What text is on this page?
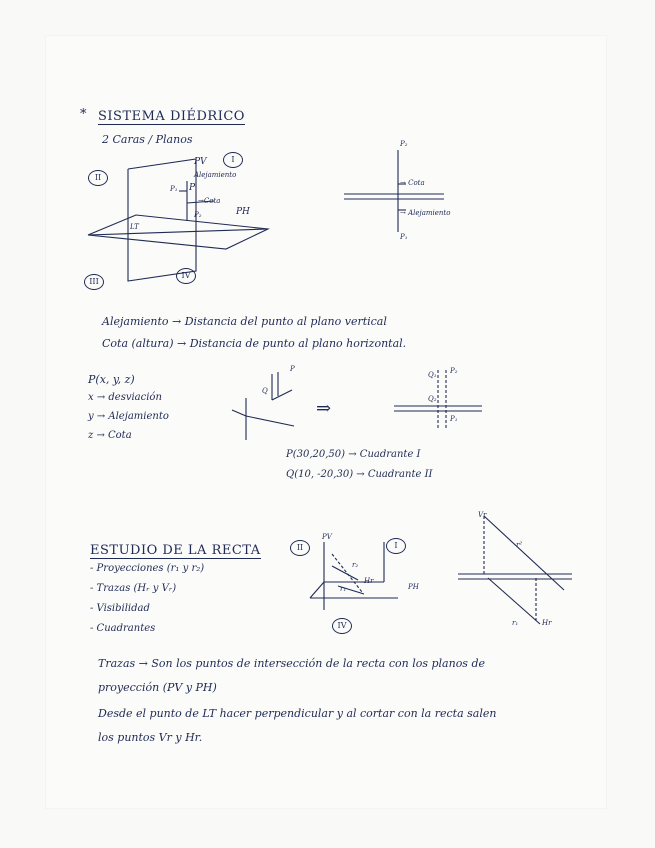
* SISTEMA DIÉDRICO
2 Caras / Planos
PV
Alejamiento
P
P₁
→Cota
PH
P₂
LT
I
II
III
IV
P₂
→ Cota
→ Alejamiento
P₁
Alejamiento → Distancia del punto al plano vertical
Cota (altura) → Distancia de punto al plano horizontal.
P(x, y, z)
x → desviación
y → Alejamiento
z → Cota
P
Q
⇒
Q₁ P₂
Q₂
P₁
P(30,20,50) → Cuadrante I
Q(10, -20,30) → Cuadrante II
ESTUDIO DE LA RECTA
- Proyecciones (r₁ y r₂)
- Trazas (Hᵣ y Vᵣ)
- Visibilidad
- Cuadrantes
PV
r₂
r₁
Hr
PH
II	I
IV
Vr
r²
r₁	Hr
Trazas → Son los puntos de intersección de la recta con los planos de
proyección (PV y PH)
Desde el punto de LT hacer perpendicular y al cortar con la recta salen
los puntos Vr y Hr.
